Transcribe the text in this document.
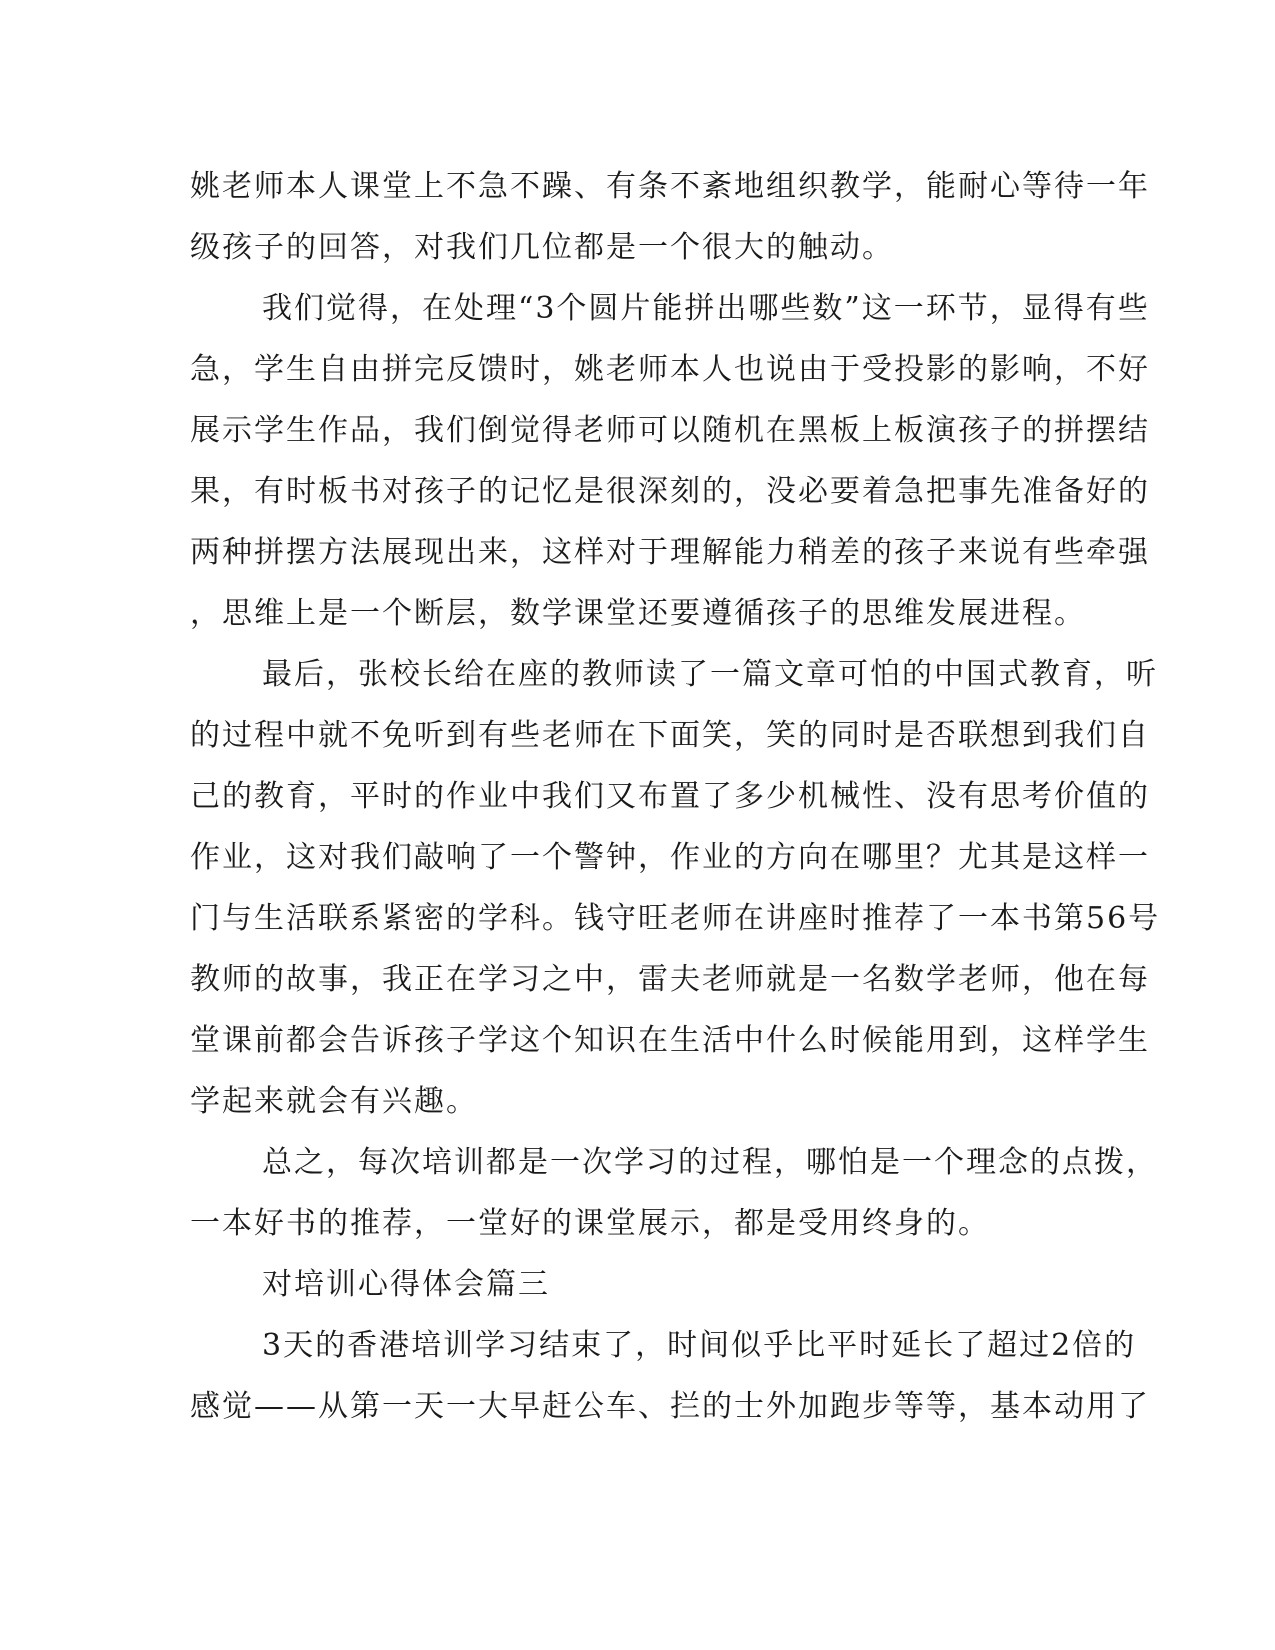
姚老师本人课堂上不急不躁、有条不紊地组织教学，能耐心等待一年
级孩子的回答，对我们几位都是一个很大的触动。
我们觉得，在处理“3个圆片能拼出哪些数”这一环节，显得有些
急，学生自由拼完反馈时，姚老师本人也说由于受投影的影响，不好
展示学生作品，我们倒觉得老师可以随机在黑板上板演孩子的拼摆结
果，有时板书对孩子的记忆是很深刻的，没必要着急把事先准备好的
两种拼摆方法展现出来，这样对于理解能力稍差的孩子来说有些牵强
，思维上是一个断层，数学课堂还要遵循孩子的思维发展进程。
最后，张校长给在座的教师读了一篇文章可怕的中国式教育，听
的过程中就不免听到有些老师在下面笑，笑的同时是否联想到我们自
己的教育，平时的作业中我们又布置了多少机械性、没有思考价值的
作业，这对我们敲响了一个警钟，作业的方向在哪里？尤其是这样一
门与生活联系紧密的学科。钱守旺老师在讲座时推荐了一本书第56号
教师的故事，我正在学习之中，雷夫老师就是一名数学老师，他在每
堂课前都会告诉孩子学这个知识在生活中什么时候能用到，这样学生
学起来就会有兴趣。
总之，每次培训都是一次学习的过程，哪怕是一个理念的点拨，
一本好书的推荐，一堂好的课堂展示，都是受用终身的。
对培训心得体会篇三
3天的香港培训学习结束了，时间似乎比平时延长了超过2倍的
感觉——从第一天一大早赶公车、拦的士外加跑步等等，基本动用了
